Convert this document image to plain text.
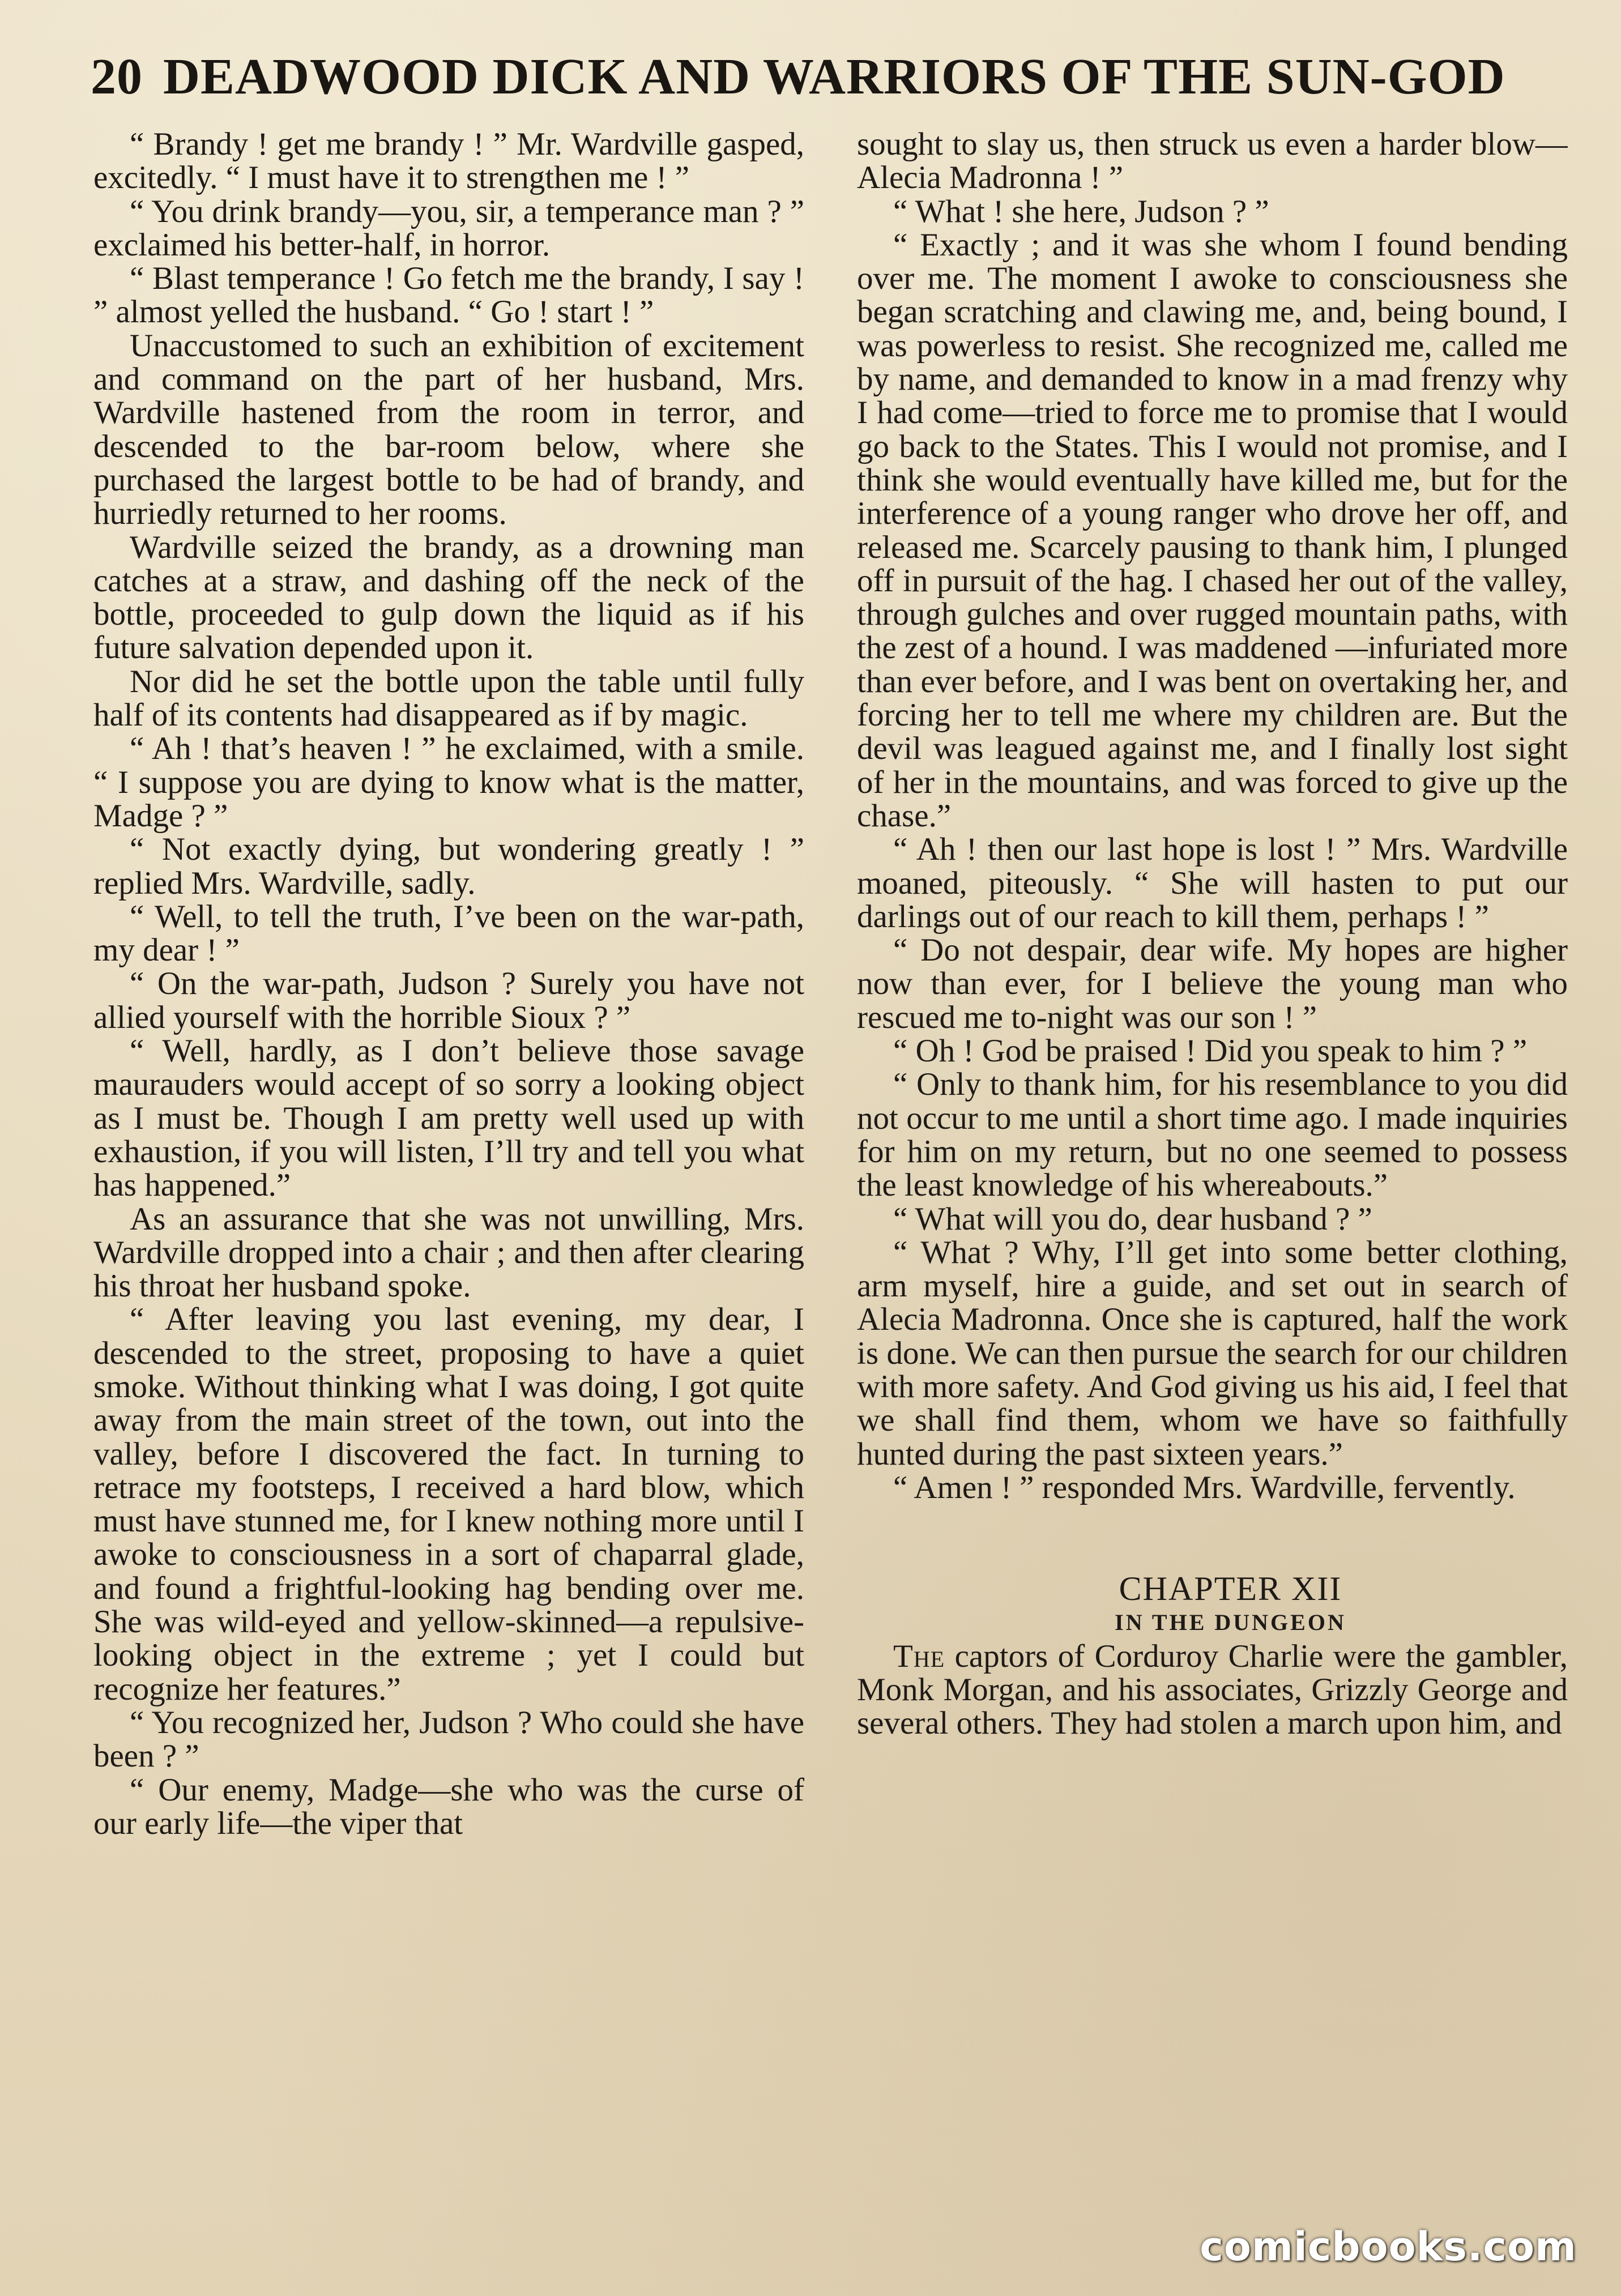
20 DEADWOOD DICK AND WARRIORS OF THE SUN-GOD

“ Brandy ! get me brandy ! ” Mr. Wardville gasped, excitedly. “ I must have it to strengthen me ! ”

“ You drink brandy—you, sir, a temperance man ? ” exclaimed his better-half, in horror.

“ Blast temperance ! Go fetch me the brandy, I say ! ” almost yelled the husband. “ Go ! start ! ”

Unaccustomed to such an exhibition of excitement and command on the part of her husband, Mrs. Wardville hastened from the room in terror, and descended to the bar-room below, where she purchased the largest bottle to be had of brandy, and hurriedly returned to her rooms.

Wardville seized the brandy, as a drowning man catches at a straw, and dashing off the neck of the bottle, proceeded to gulp down the liquid as if his future salvation depended upon it.

Nor did he set the bottle upon the table until fully half of its contents had disappeared as if by magic.

“ Ah ! that’s heaven ! ” he exclaimed, with a smile. “ I suppose you are dying to know what is the matter, Madge ? ”

“ Not exactly dying, but wondering greatly ! ” replied Mrs. Wardville, sadly.

“ Well, to tell the truth, I’ve been on the war-path, my dear ! ”

“ On the war-path, Judson ? Surely you have not allied yourself with the horrible Sioux ? ”

“ Well, hardly, as I don’t believe those savage maurauders would accept of so sorry a looking object as I must be. Though I am pretty well used up with exhaustion, if you will listen, I’ll try and tell you what has happened.”

As an assurance that she was not unwilling, Mrs. Wardville dropped into a chair ; and then after clearing his throat her husband spoke.

“ After leaving you last evening, my dear, I descended to the street, proposing to have a quiet smoke. Without thinking what I was doing, I got quite away from the main street of the town, out into the valley, before I discovered the fact. In turning to retrace my footsteps, I received a hard blow, which must have stunned me, for I knew nothing more until I awoke to consciousness in a sort of chaparral glade, and found a frightful-looking hag bending over me. She was wild-eyed and yellow-skinned—a repulsive-looking object in the extreme ; yet I could but recognize her features.”

“ You recognized her, Judson ? Who could she have been ? ”

“ Our enemy, Madge—she who was the curse of our early life—the viper that

sought to slay us, then struck us even a harder blow—Alecia Madronna ! ”

“ What ! she here, Judson ? ”

“ Exactly ; and it was she whom I found bending over me. The moment I awoke to consciousness she began scratching and clawing me, and, being bound, I was powerless to resist. She recognized me, called me by name, and demanded to know in a mad frenzy why I had come—tried to force me to promise that I would go back to the States. This I would not promise, and I think she would eventually have killed me, but for the interference of a young ranger who drove her off, and released me. Scarcely pausing to thank him, I plunged off in pursuit of the hag. I chased her out of the valley, through gulches and over rugged mountain paths, with the zest of a hound. I was maddened —infuriated more than ever before, and I was bent on overtaking her, and forcing her to tell me where my children are. But the devil was leagued against me, and I finally lost sight of her in the mountains, and was forced to give up the chase.”

“ Ah ! then our last hope is lost ! ” Mrs. Wardville moaned, piteously. “ She will hasten to put our darlings out of our reach to kill them, perhaps ! ”

“ Do not despair, dear wife. My hopes are higher now than ever, for I believe the young man who rescued me to-night was our son ! ”

“ Oh ! God be praised ! Did you speak to him ? ”

“ Only to thank him, for his resemblance to you did not occur to me until a short time ago. I made inquiries for him on my return, but no one seemed to possess the least knowledge of his whereabouts.”

“ What will you do, dear husband ? ”

“ What ? Why, I’ll get into some better clothing, arm myself, hire a guide, and set out in search of Alecia Madronna. Once she is captured, half the work is done. We can then pursue the search for our children with more safety. And God giving us his aid, I feel that we shall find them, whom we have so faithfully hunted during the past sixteen years.”

“ Amen ! ” responded Mrs. Wardville, fervently.

CHAPTER XII

IN THE DUNGEON

The captors of Corduroy Charlie were the gambler, Monk Morgan, and his associates, Grizzly George and several others. They had stolen a march upon him, and

comicbooks.com
